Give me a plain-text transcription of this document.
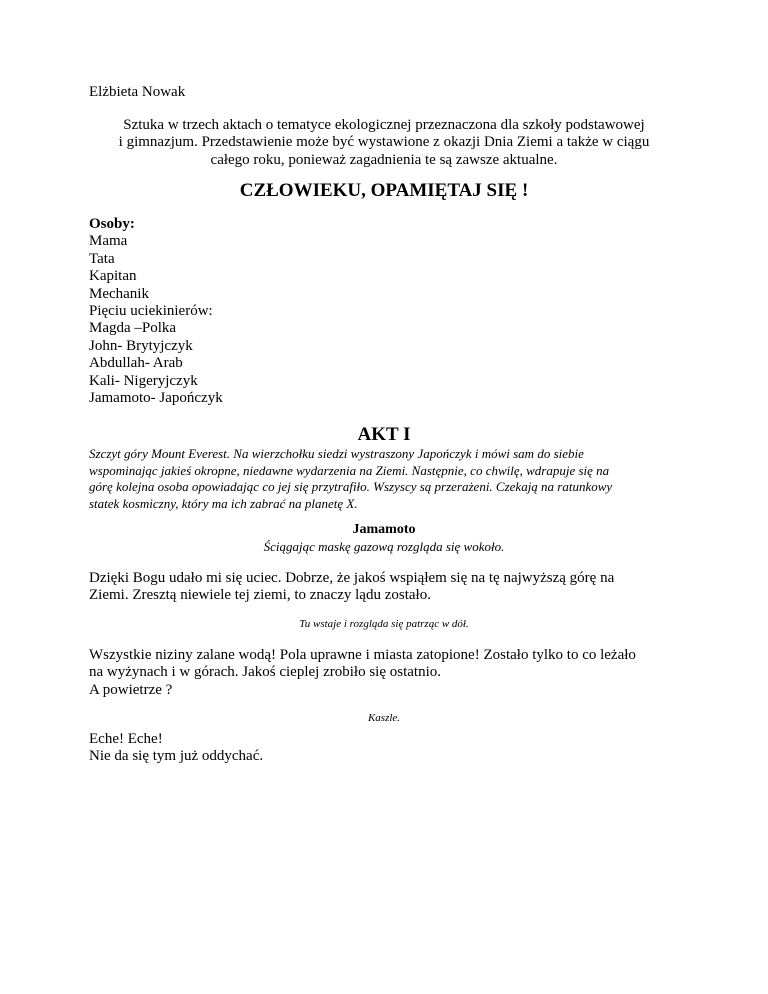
Elżbieta Nowak

Sztuka w trzech aktach o tematyce ekologicznej przeznaczona dla szkoły podstawowej
i gimnazjum. Przedstawienie może być wystawione z okazji Dnia Ziemi a także w ciągu
całego roku, ponieważ zagadnienia te są zawsze aktualne.
CZŁOWIEKU, OPAMIĘTAJ SIĘ !
Osoby:
Mama
Tata
Kapitan
Mechanik
Pięciu uciekinierów:
Magda –Polka
John- Brytyjczyk
Abdullah- Arab
Kali- Nigeryjczyk
Jamamoto- Japończyk
AKT I
Szczyt góry Mount Everest. Na wierzchołku siedzi wystraszony Japończyk i mówi sam do siebie
wspominając jakieś okropne, niedawne wydarzenia na Ziemi. Następnie, co chwilę, wdrapuje się na
górę kolejna osoba opowiadając co jej się przytrafiło. Wszyscy są przerażeni. Czekają na ratunkowy
statek kosmiczny, który ma ich zabrać na planetę X.

Jamamoto

Ściągając maskę gazową rozgląda się wokoło.

Dzięki Bogu udało mi się uciec. Dobrze, że jakoś wspiąłem się na tę najwyższą górę na
Ziemi. Zresztą niewiele tej ziemi, to znaczy lądu zostało.

Tu wstaje i rozgląda się patrząc w dół.

Wszystkie niziny zalane wodą! Pola uprawne i miasta zatopione! Zostało tylko to co leżało
na wyżynach i w górach. Jakoś cieplej zrobiło się ostatnio.
A powietrze ?

Kaszle.

Eche! Eche!
Nie da się tym już oddychać.
